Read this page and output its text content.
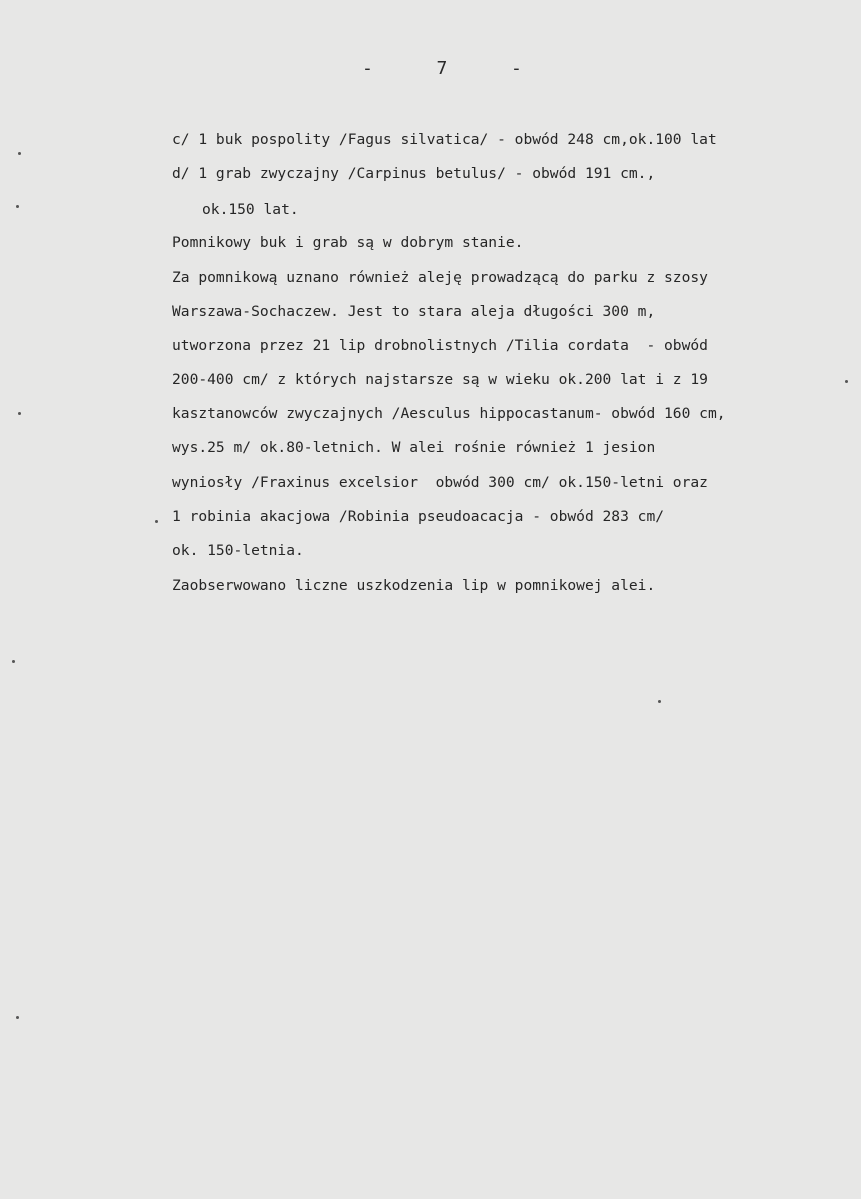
-  7  -
c/ 1 buk pospolity /Fagus silvatica/ - obwód 248 cm,ok.100 lat
d/ 1 grab zwyczajny /Carpinus betulus/ - obwód 191 cm.,
ok.150 lat.
Pomnikowy buk i grab są w dobrym stanie.
Za pomnikową uznano również aleję prowadzącą do parku z szosy
Warszawa-Sochaczew. Jest to stara aleja długości 300 m,
utworzona przez 21 lip drobnolistnych /Tilia cordata  - obwód
200-400 cm/ z których najstarsze są w wieku ok.200 lat i z 19
kasztanowców zwyczajnych /Aesculus hippocastanum- obwód 160 cm,
wys.25 m/ ok.80-letnich. W alei rośnie również 1 jesion
wyniosły /Fraxinus excelsior  obwód 300 cm/ ok.150-letni oraz
1 robinia akacjowa /Robinia pseudoacacja - obwód 283 cm/
ok. 150-letnia.
Zaobserwowano liczne uszkodzenia lip w pomnikowej alei.
